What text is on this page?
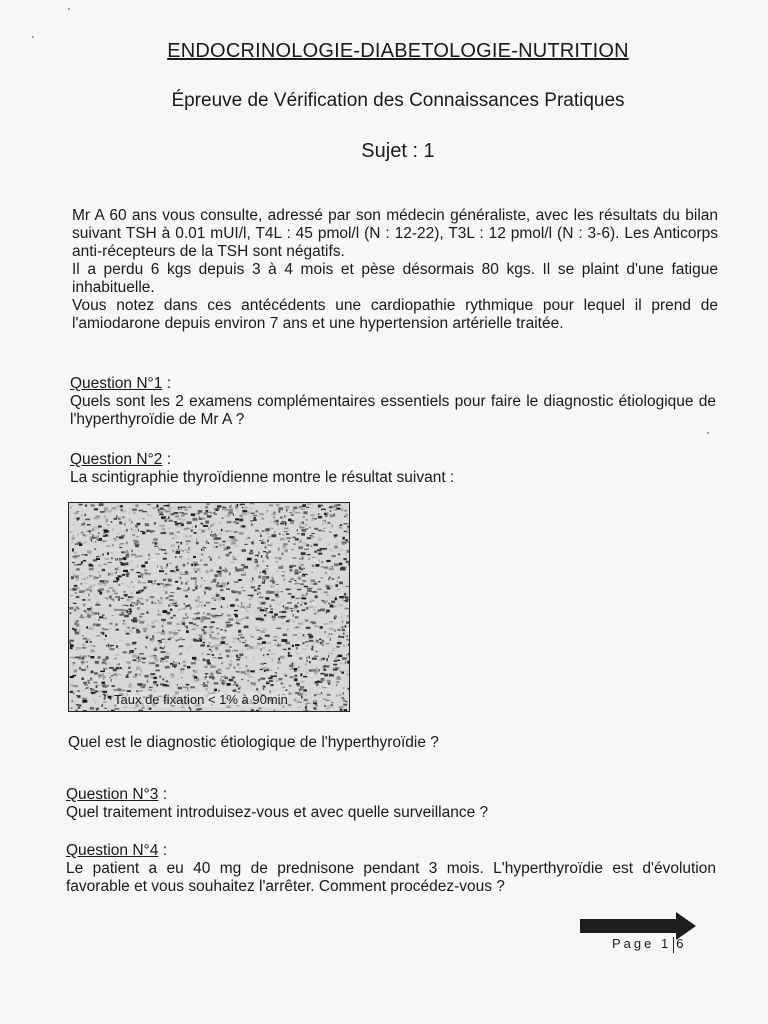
ENDOCRINOLOGIE-DIABETOLOGIE-NUTRITION
Épreuve de Vérification des Connaissances Pratiques
Sujet : 1

Mr A 60 ans vous consulte, adressé par son médecin généraliste, avec les résultats du bilan suivant TSH à 0.01 mUI/l, T4L : 45 pmol/l (N : 12-22), T3L : 12 pmol/l (N : 3-6). Les Anticorps anti-récepteurs de la TSH sont négatifs.

Il a perdu 6 kgs depuis 3 à 4 mois et pèse désormais 80 kgs. Il se plaint d'une fatigue inhabituelle.

Vous notez dans ces antécédents une cardiopathie rythmique pour lequel il prend de l'amiodarone depuis environ 7 ans et une hypertension artérielle traitée.

Question N°1 :
Quels sont les 2 examens complémentaires essentiels pour faire le diagnostic étiologique de l'hyperthyroïdie de Mr A ?
Question N°2 :
La scintigraphie thyroïdienne montre le résultat suivant :
Taux de fixation < 1% à 90min
Quel est le diagnostic étiologique de l'hyperthyroïdie ?
Question N°3 :
Quel traitement introduisez-vous et avec quelle surveillance ?
Question N°4 :
Le patient a eu 40 mg de prednisone pendant 3 mois. L'hyperthyroïdie est d'évolution favorable et vous souhaitez l'arrêter. Comment procédez-vous ?
Page 1 6
